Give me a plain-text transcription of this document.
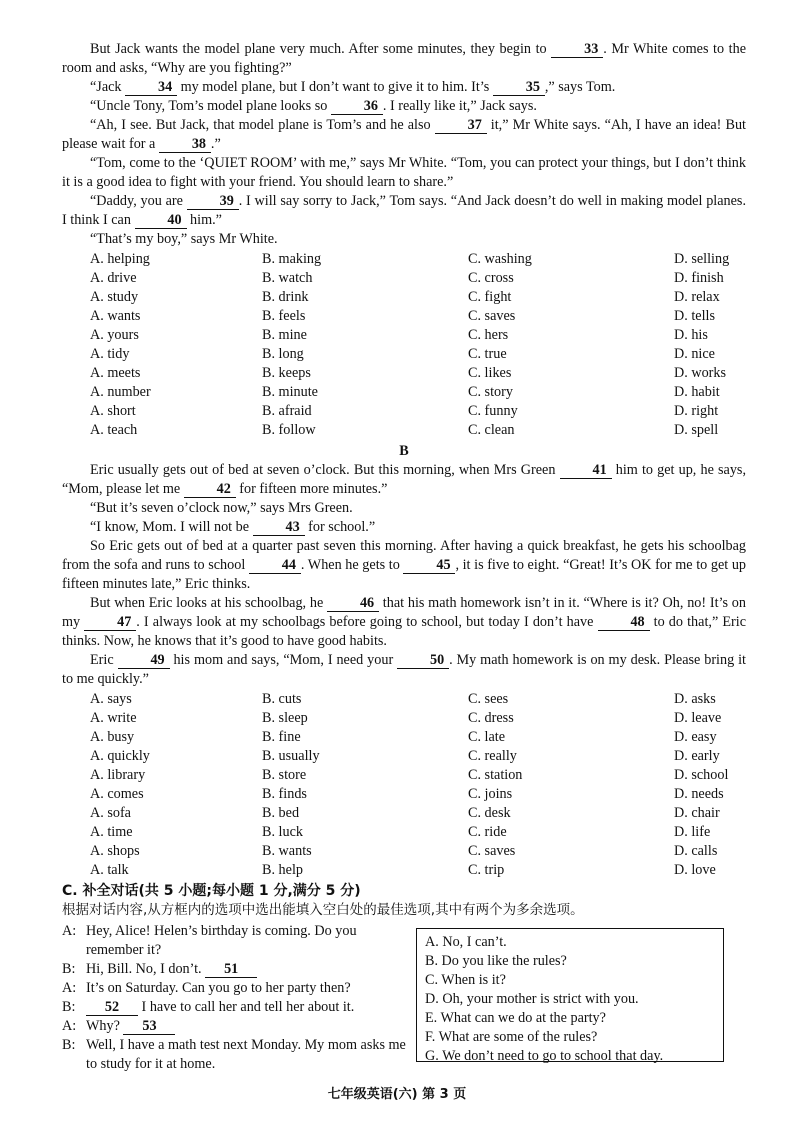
But Jack wants the model plane very much. After some minutes, they begin to 33 . Mr White comes to the room and asks, “Why are you fighting?”

“Jack 34 my model plane, but I don’t want to give it to him. It’s 35 ,” says Tom.

“Uncle Tony, Tom’s model plane looks so 36 . I really like it,” Jack says.

“Ah, I see. But Jack, that model plane is Tom’s and he also 37 it,” Mr White says. “Ah, I have an idea! But please wait for a 38 .”

“Tom, come to the ‘QUIET ROOM’ with me,” says Mr White. “Tom, you can protect your things, but I don’t think it is a good idea to fight with your friend. You should learn to share.”

“Daddy, you are 39 . I will say sorry to Jack,” Tom says. “And Jack doesn’t do well in making model planes. I think I can 40 him.”

“That’s my boy,” says Mr White.

A. helping	B. making	C. washing	D. selling
A. drive	B. watch	C. cross	D. finish
A. study	B. drink	C. fight	D. relax
A. wants	B. feels	C. saves	D. tells
A. yours	B. mine	C. hers	D. his
A. tidy	B. long	C. true	D. nice
A. meets	B. keeps	C. likes	D. works
A. number	B. minute	C. story	D. habit
A. short	B. afraid	C. funny	D. right
A. teach	B. follow	C. clean	D. spell

B

Eric usually gets out of bed at seven o’clock. But this morning, when Mrs Green 41 him to get up, he says, “Mom, please let me 42 for fifteen more minutes.”

“But it’s seven o’clock now,” says Mrs Green.

“I know, Mom. I will not be 43 for school.”

So Eric gets out of bed at a quarter past seven this morning. After having a quick breakfast, he gets his schoolbag from the sofa and runs to school 44 . When he gets to 45 , it is five to eight. “Great! It’s OK for me to get up fifteen minutes late,” Eric thinks.

But when Eric looks at his schoolbag, he 46 that his math homework isn’t in it. “Where is it? Oh, no! It’s on my 47 . I always look at my schoolbags before going to school, but today I don’t have 48 to do that,” Eric thinks. Now, he knows that it’s good to have good habits.

Eric 49 his mom and says, “Mom, I need your 50 . My math homework is on my desk. Please bring it to me quickly.”

A. says	B. cuts	C. sees	D. asks
A. write	B. sleep	C. dress	D. leave
A. busy	B. fine	C. late	D. easy
A. quickly	B. usually	C. really	D. early
A. library	B. store	C. station	D. school
A. comes	B. finds	C. joins	D. needs
A. sofa	B. bed	C. desk	D. chair
A. time	B. luck	C. ride	D. life
A. shops	B. wants	C. saves	D. calls
A. talk	B. help	C. trip	D. love
C. 补全对话(共 5 小题;每小题 1 分,满分 5 分)
根据对话内容,从方框内的选项中选出能填入空白处的最佳选项,其中有两个为多余选项。
A: Hey, Alice! Helen’s birthday is coming. Do you remember it?
B: Hi, Bill. No, I don’t. 51
A: It’s on Saturday. Can you go to her party then?
B:	52 I have to call her and tell her about it.
A: Why? 53
B: Well, I have a math test next Monday. My mom asks me to study for it at home.
A. No, I can’t.
B. Do you like the rules?
C. When is it?
D. Oh, your mother is strict with you.
E. What can we do at the party?
F. What are some of the rules?
G. We don’t need to go to school that day.
七年级英语(六) 第 3 页
